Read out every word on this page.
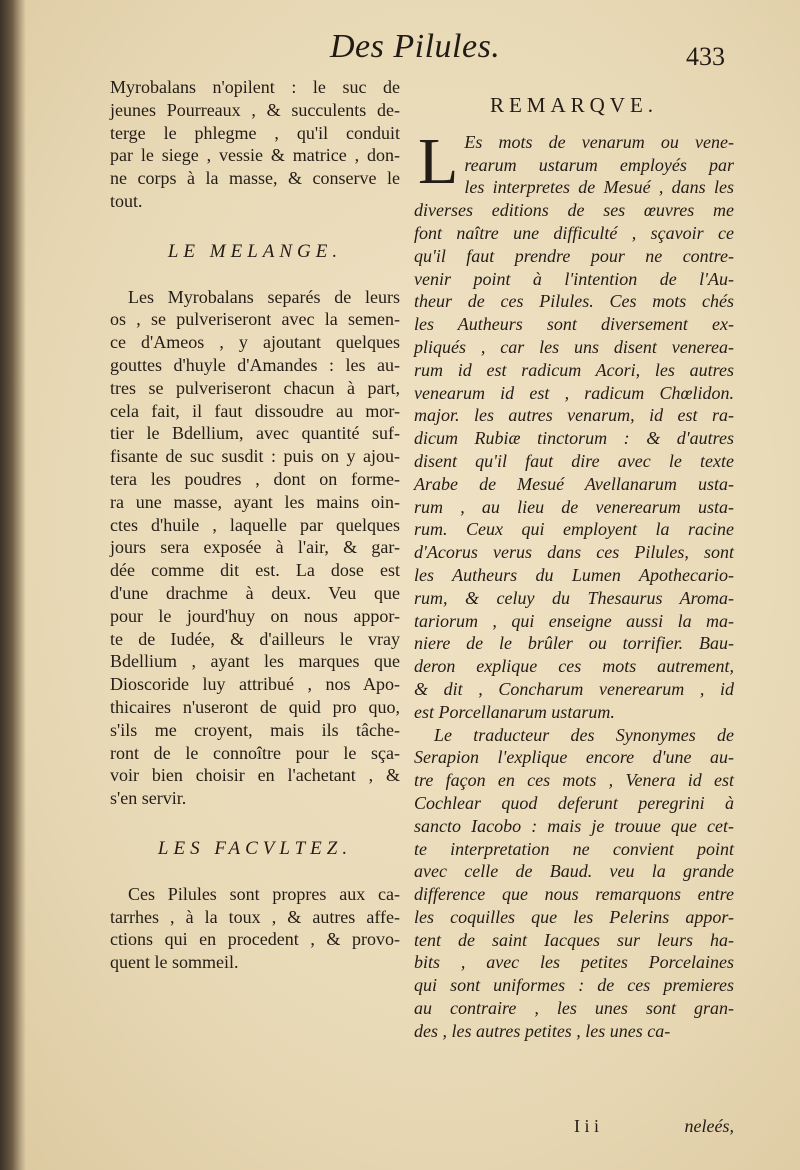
Des Pilules.	433
Myrobalans n'opilent : le suc de
jeunes Pourreaux , & succulents de-
terge le phlegme , qu'il conduit
par le siege , vessie & matrice , don-
ne corps à la masse, & conserve le
tout.
LE MELANGE.
Les Myrobalans separés de leurs
os , se pulveriseront avec la semen-
ce d'Ameos , y ajoutant quelques
gouttes d'huyle d'Amandes : les au-
tres se pulveriseront chacun à part,
cela fait, il faut dissoudre au mor-
tier le Bdellium, avec quantité suf-
fisante de suc susdit : puis on y ajou-
tera les poudres , dont on forme-
ra une masse, ayant les mains oin-
ctes d'huile , laquelle par quelques
jours sera exposée à l'air, & gar-
dée comme dit est. La dose est
d'une drachme à deux. Veu que
pour le jourd'huy on nous appor-
te de Iudée, & d'ailleurs le vray
Bdellium , ayant les marques que
Dioscoride luy attribué , nos Apo-
thicaires n'useront de quid pro quo,
s'ils me croyent, mais ils tâche-
ront de le connoître pour le sça-
voir bien choisir en l'achetant , &
s'en servir.
LES FACVLTEZ.
Ces Pilules sont propres aux ca-
tarrhes , à la toux , & autres affe-
ctions qui en procedent , & provo-
quent le sommeil.
REMARQVE.
L Es mots de venarum ou vene-
rearum ustarum employés par
les interpretes de Mesué , dans les
diverses editions de ses œuvres me
font naître une difficulté , sçavoir ce
qu'il faut prendre pour ne contre-
venir point à l'intention de l'Au-
theur de ces Pilules. Ces mots chés
les Autheurs sont diversement ex-
pliqués , car les uns disent venerea-
rum id est radicum Acori, les autres
venearum id est , radicum Chœlidon.
major. les autres venarum, id est ra-
dicum Rubiæ tinctorum : & d'autres
disent qu'il faut dire avec le texte
Arabe de Mesué Avellanarum usta-
rum , au lieu de venerearum usta-
rum. Ceux qui employent la racine
d'Acorus verus dans ces Pilules, sont
les Autheurs du Lumen Apothecario-
rum, & celuy du Thesaurus Aroma-
tariorum , qui enseigne aussi la ma-
niere de le brûler ou torrifier. Bau-
deron explique ces mots autrement,
& dit , Concharum venerearum , id
est Porcellanarum ustarum.
Le traducteur des Synonymes de
Serapion l'explique encore d'une au-
tre façon en ces mots , Venera id est
Cochlear quod deferunt peregrini à
sancto Iacobo : mais je trouue que cet-
te interpretation ne convient point
avec celle de Baud. veu la grande
difference que nous remarquons entre
les coquilles que les Pelerins appor-
tent de saint Iacques sur leurs ha-
bits , avec les petites Porcelaines
qui sont uniformes : de ces premieres
au contraire , les unes sont gran-
des , les autres petites , les unes ca-
I i i	neleés,
